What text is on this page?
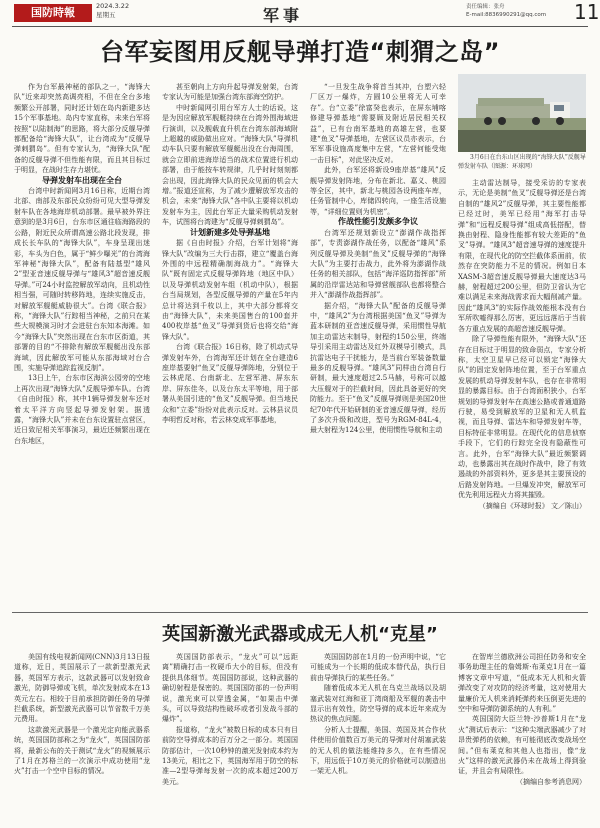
国防時報	2024.3.22
星期五	军事	责任编辑：张舟
E-mail:8836990291@qq.com	11
台军妄图用反舰导弹打造“刺猬之岛”

作为台军最神秘的部队之一，“海锋大队”近来却突然高调亮相，不但在全台多地频繁公开部署，同时还计划在岛内新建多达15个军事基地。岛内专家直称，未来台军将按照“以陆制海”的思路，将大部分反舰导弹都配备给“海锋大队”，让台湾成为“反舰导弹刺猬岛”。但有专家认为，“海锋大队”配备的反舰导弹不但性能有限，而且其目标过于明显，在战时生存力堪忧。

导弹发射车出现在全台

台湾中时新闻网3月16日称，近期台湾北部、南部及东部民众纷纷可见大型导弹发射车队在各地海岸机动部署。最早被外界注意到的是3月6日，台东市区通往临海路段的公路，附近民众所谓高速公路北段发现，排成长长车队的“海锋大队”，车身呈现出迷彩，车头为白色，属于“鲜少曝光”的台湾海军神秘“海锋大队”，配备有陆基型“雄风2”型亚音速反舰导弹与“雄风3”超音速反舰导弹。”可24小时监控解放军动向，且机动性相当强，可随时转移阵地，连续实施反击，对解放军舰艇威胁很大”。台湾《联合报》称，“海锋大队”行踪相当神秘，之前只在某些大规模演习时才会进驻台东知本海滩。如今“海锋大队”突然出现在台东市区街道，其部署的目的“不排除有解放军舰艇出没东部海域，因此解放军可能从东部海域对台合围，实施导弹追踪监视反制”。

13日上午，台东市区海滨公园旁的空地上再次出现“海锋大队”反舰导弹车队。台湾《自由时报》称，其中1辆导弹发射车还对着太平洋方向竖起导弹发射架。据透露，“海锋大队”并未在台东设置驻点营区，近日致尼相关军事演习，最近还频繁出现在台东地区，

甚至朝向上方向升起导弹发射架，台湾专家认为可能是加强台湾东部海空防护。

中时新闻网引用台军方人士的话说，这是为因应解放军舰艇持续在台湾外围海域进行演训，以及舰载直升机在台湾东部海域附上超越的威胁做出应对。“海锋大队”导弹机动车队只要有解放军舰艇出没在台海周围，就会立即前进海岸适当的战术位置进行机动部署，由于能按车转规律，几乎时时刻刻都会出现，因此海锋大队的民众见面的机会大增。”报道还宣称，为了减少遭解放军攻击的机会，未来“海锋大队”各中队主要将以机动发射车为主，因此台军正大量采购机动发射车，试图将台湾建为“反舰导弹刺猬岛”。

计划新建多处导弹基地

据《自由时报》介绍，台军计划将“海锋大队”改编为三大行击群，建立“覆盖台海外围的中远程精确制海战力”。“海锋大队”既有固定式反舰导弹阵地（地区中队）以及导弹机动发射车组（机动中队），根据台当局规划，各型反舰导弹的产量在5年内总计将达到千枚以上，其中大部分都将交由“海锋大队”，未来美国售台的100套并400枚岸基“鱼叉”导弹到货后也将交给“海锋大队”。

台湾《联合报》16日称，除了机动式导弹发射车外，台湾海军还计划在全台建造6座岸基要射“鱼叉”反舰导弹阵地，分别位于云林虎尾、台南新北、左营军港、屏东东岸、屏东佳冬，以及台东太平等地，用于部署从美国引进的“鱼叉”反舰导弹。但当地民众和“立委”纷纷对此表示反对。云林县议员李明哲反对称，若云林变成军事基地，

“一旦发生战争将首当其冲，台塑六轻厂区万一爆炸，方圆10公里将无人可幸存”。台“立委”徐富癸也表示，在屏东埔喀修建导弹基地“需要顾及附近居民相关权益”，已有台南军基地的高雄左营，也要建“鱼叉”导弹基地，左营区议员亦表示，台军军事设施高度集中左营，“左营何能受炮一击目标”，对此坚决反对。

此外，台军还将新设9座岸基“雄风”反舰导弹发射阵地，分布在新北、嘉义、桃园等全区，其中，新北与桃园各设两座车库，任务管制中心，库储四转向，一座生活设施等，“详细位置则为机密”。

作战性能引发颇多争议

台湾军还规划新设立“澎湖作战指挥部”，专责澎湖作战任务，以配备“雄风”系列反舰导弹及美制“鱼叉”反舰导弹的“海锋大队”为主要打击战力，此外将为澎湖作战任务的相关部队，包括“海洋巡防指挥部”所属的沿岸雷达站和导弹营舰部队也都将整合并入“澎湖作战指挥部”。

据介绍，“海锋大队”配备的反舰导弹中，“雄风2”为台湾根据美国“鱼叉”导弹为蓝本研制的亚音速反舰导弹，采用惯性导航加主动雷达末制导，射程约150公里，终端导引采用主动雷达及红外双模导引模式，具抗雷达电子干扰能力，是当前台军装备数量最多的反舰导弹。“雄风3”同样由台湾自行研制，最大速度超过2.5马赫，号称可以越大压舰对于的拦截时间，因此具备更好的突防能力。至于“鱼叉”反舰导弹则是美国20世纪70年代开始研制的亚音速反舰导弹，经历了多次升级和改进，型号为RGM-84L-4，最大射程为124公里，使用惯性导航和主动

3月6日在台东山区出现的“海锋大队”反舰导弹发射车队（图源：环球网）

主动雷达制导，接受采访的专家表示，无论是美制“鱼叉”反舰导弹还是台湾自制的“雄风2”反舰导弹，其主要性能都已经过时，美军已经用“海军打击导弹”和“远程反舰导弹”组成高低搭配，替换由射程、隐身性能都有较大差距的“鱼叉”导弹。“雄风3”超音速导弹的速度提升有限，在现代化的防空拦截体系面前，依然存在突防能力不足的情况。例如日本XASM-3超音速反舰导弹最大速度达3马赫，射程超过200公里，但防卫省认为它难以满足未来海战需求而大幅削减产量。因此“雄风3”的实际作战效能根本没有台军所吹嘘得那么厉害，更远远落后于当前各方重点发展的高超音速反舰导弹。

除了导弹性能有限外，“海锋大队”还存在目标过于明显的致命弱点，专家分析称，太空卫星早已经可以锁定“海锋大队”的固定发射阵地位置，至于台军重点发展的机动导弹发射车队，也存在非常明显的暴露目标。由于台湾面积狭小，台军规划的导弹发射车在高速公路或普通道路行驶，易受到解放军的卫星和无人机监视，而且导弹、雷达车和导弹发射车等，目标特征非常明显。在现代化的信息侦察手段下，它们的行踪完全没有隐蔽性可言。此外，台军“海锋大队”最近频繁调动，也暴露出其在战时作战中，除了有效遏战的外部资料外，更多是其主要预设的后路发射阵地。一旦爆发冲突，解放军可优先利用远程火力将其摧毁。

（摘编自《环球时报》 文／陈山）

英国新激光武器或成无人机“克星”

美国有线电视新闻网(CNN)3月13日报道称，近日，英国展示了一款新型激光武器，英国军方表示，这款武器可以发射致命激光，防御导弹或飞机，单次发射成本在13英元左右。相较于目前承担防御任务的导弹拦截系统，新型激光武器可以节省数千万美元费用。

这款激光武器是一个激光定向能武器系统，英国国防部称之为“龙火”，英国国防部将，最新公布的关于测试“龙火”的视频展示了1月在苏格兰的一次演示中成功使用“龙火”打击一个空中目标的情况。

英国国防部表示，“龙火”可以“远距离”精确打击一枚硬币大小的目标，但没有提供具体细节。英国国防部说，这种武器的确切射程是保密的。英国国防部的一份声明说，激光束可以穿透金属，“如果击中弹头，可以导致结构性破坏或者引发战斗部的爆炸”。

报道称，“龙火”被数日标的成本只有目前防空导弹成本的百万分之一部分。英国国防部估计，一次10秒钟的激光发射成本约为13美元，相比之下，英国海军用于防空的标准—2型导弹每发射一次的成本超过200万美元。

英国国防部在1月的一份声明中说，“它可能成为一个长期的低成本替代品，执行目前由导弹执行的某些任务。”

随着低成本无人机在乌克兰战场以及胡塞武装对红海和亚丁湾商船及军舰的袭击中显示出有效性，防空导弹的成本近年来成为热议的焦点问题。

分析人士提醒，美国、英国及其合作伙伴使用价值数百万美元的导弹对付胡塞武装的无人机的做法能维持多久，在有些情况下，用远低于10万美元的价格就可以制造出一架无人机。

在智库兰德欧洲公司担任防务和安全事务助理主任的詹姆斯·布莱克1月在一篇博客文章中写道，“低成本无人机和火箭弹改变了对攻防的经济考量，这对使用大量廉价无人机来消耗弹药来压倒更先进的空中和导弹防御系统的人有利。”

英国国防大臣兰特·沙普斯1月在“龙火”测试后表示：“这种尖端武器减少了对昂贵弹药的依赖，有可能彻底改变战场空间。”但布莱克和其他人也指出，像“龙火”这样的激光武器仍未在战场上得到验证，并且会有局限性。

（摘编自参考消息网）
